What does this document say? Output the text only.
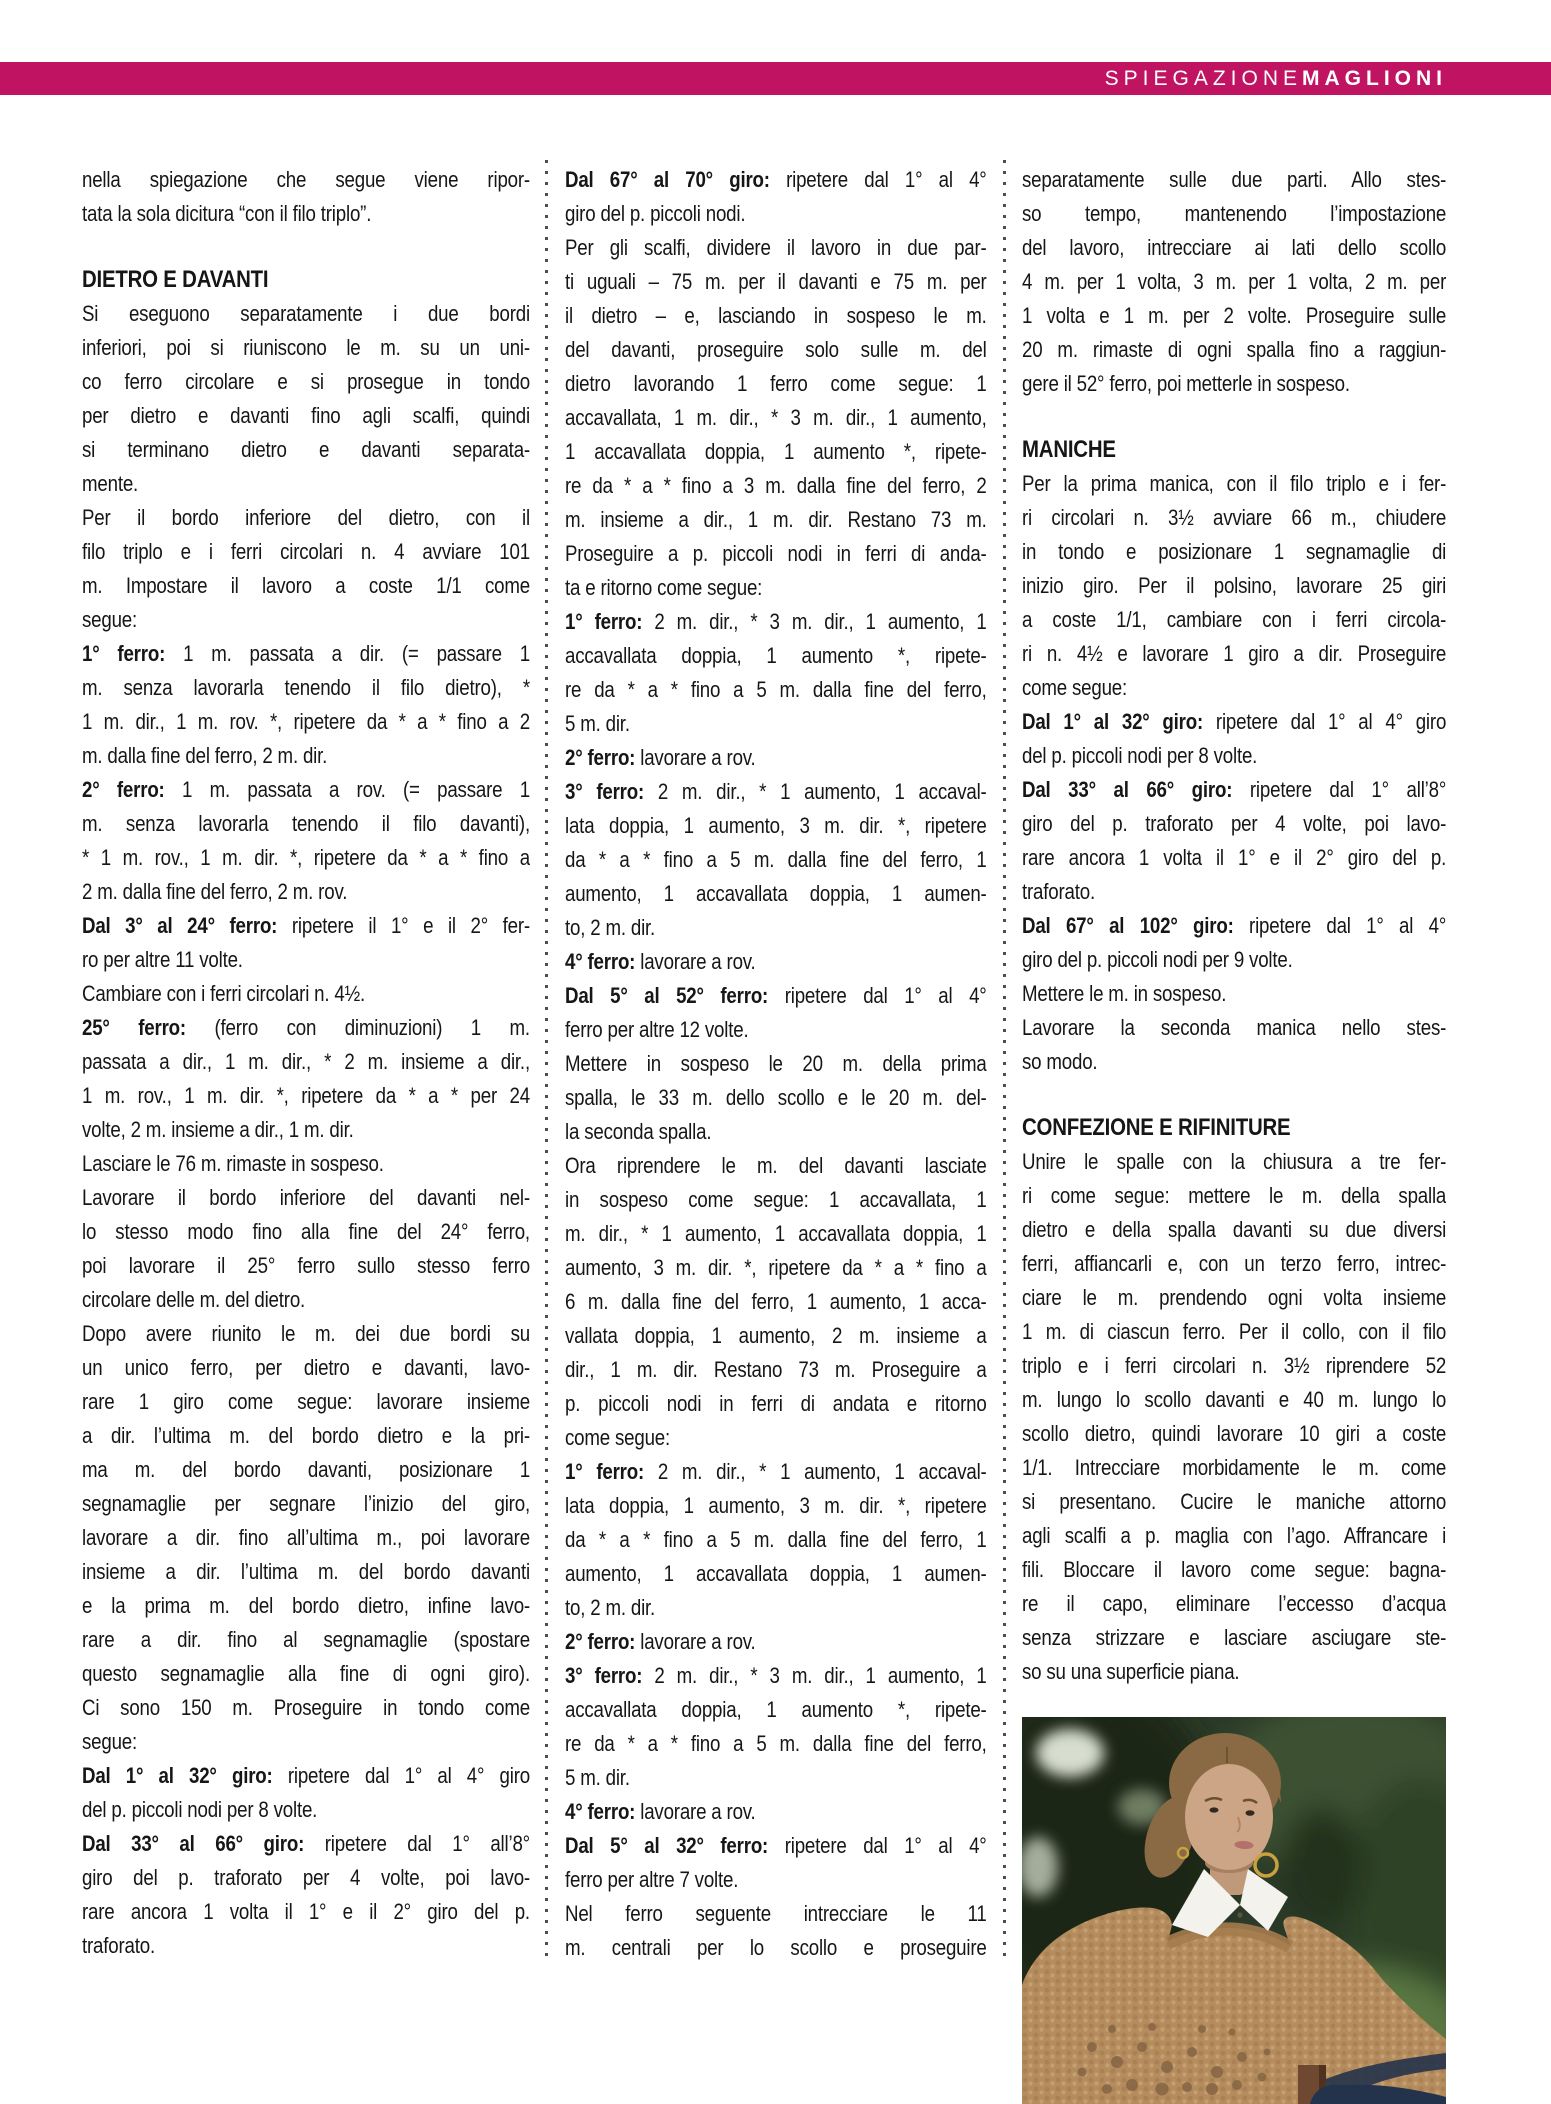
SPIEGAZIONEMAGLIONI
nella spiegazione che segue viene ripor-
tata la sola dicitura “con il filo triplo”.
DIETRO E DAVANTI
Si eseguono separatamente i due bordi
inferiori, poi si riuniscono le m. su un uni-
co ferro circolare e si prosegue in tondo
per dietro e davanti fino agli scalfi, quindi
si terminano dietro e davanti separata-
mente.
Per il bordo inferiore del dietro, con il
filo triplo e i ferri circolari n. 4 avviare 101
m. Impostare il lavoro a coste 1/1 come
segue:
1° ferro: 1 m. passata a dir. (= passare 1
m. senza lavorarla tenendo il filo dietro), *
1 m. dir., 1 m. rov. *, ripetere da * a * fino a 2
m. dalla fine del ferro, 2 m. dir.
2° ferro: 1 m. passata a rov. (= passare 1
m. senza lavorarla tenendo il filo davanti),
* 1 m. rov., 1 m. dir. *, ripetere da * a * fino a
2 m. dalla fine del ferro, 2 m. rov.
Dal 3° al 24° ferro: ripetere il 1° e il 2° fer-
ro per altre 11 volte.
Cambiare con i ferri circolari n. 4½.
25° ferro: (ferro con diminuzioni) 1 m.
passata a dir., 1 m. dir., * 2 m. insieme a dir.,
1 m. rov., 1 m. dir. *, ripetere da * a * per 24
volte, 2 m. insieme a dir., 1 m. dir.
Lasciare le 76 m. rimaste in sospeso.
Lavorare il bordo inferiore del davanti nel-
lo stesso modo fino alla fine del 24° ferro,
poi lavorare il 25° ferro sullo stesso ferro
circolare delle m. del dietro.
Dopo avere riunito le m. dei due bordi su
un unico ferro, per dietro e davanti, lavo-
rare 1 giro come segue: lavorare insieme
a dir. l’ultima m. del bordo dietro e la pri-
ma m. del bordo davanti, posizionare 1
segnamaglie per segnare l’inizio del giro,
lavorare a dir. fino all’ultima m., poi lavorare
insieme a dir. l’ultima m. del bordo davanti
e la prima m. del bordo dietro, infine lavo-
rare a dir. fino al segnamaglie (spostare
questo segnamaglie alla fine di ogni giro).
Ci sono 150 m. Proseguire in tondo come
segue:
Dal 1° al 32° giro: ripetere dal 1° al 4° giro
del p. piccoli nodi per 8 volte.
Dal 33° al 66° giro: ripetere dal 1° all’8°
giro del p. traforato per 4 volte, poi lavo-
rare ancora 1 volta il 1° e il 2° giro del p.
traforato.
Dal 67° al 70° giro: ripetere dal 1° al 4°
giro del p. piccoli nodi.
Per gli scalfi, dividere il lavoro in due par-
ti uguali – 75 m. per il davanti e 75 m. per
il dietro – e, lasciando in sospeso le m.
del davanti, proseguire solo sulle m. del
dietro lavorando 1 ferro come segue: 1
accavallata, 1 m. dir., * 3 m. dir., 1 aumento,
1 accavallata doppia, 1 aumento *, ripete-
re da * a * fino a 3 m. dalla fine del ferro, 2
m. insieme a dir., 1 m. dir. Restano 73 m.
Proseguire a p. piccoli nodi in ferri di anda-
ta e ritorno come segue:
1° ferro: 2 m. dir., * 3 m. dir., 1 aumento, 1
accavallata doppia, 1 aumento *, ripete-
re da * a * fino a 5 m. dalla fine del ferro,
5 m. dir.
2° ferro: lavorare a rov.
3° ferro: 2 m. dir., * 1 aumento, 1 accaval-
lata doppia, 1 aumento, 3 m. dir. *, ripetere
da * a * fino a 5 m. dalla fine del ferro, 1
aumento, 1 accavallata doppia, 1 aumen-
to, 2 m. dir.
4° ferro: lavorare a rov.
Dal 5° al 52° ferro: ripetere dal 1° al 4°
ferro per altre 12 volte.
Mettere in sospeso le 20 m. della prima
spalla, le 33 m. dello scollo e le 20 m. del-
la seconda spalla.
Ora riprendere le m. del davanti lasciate
in sospeso come segue: 1 accavallata, 1
m. dir., * 1 aumento, 1 accavallata doppia, 1
aumento, 3 m. dir. *, ripetere da * a * fino a
6 m. dalla fine del ferro, 1 aumento, 1 acca-
vallata doppia, 1 aumento, 2 m. insieme a
dir., 1 m. dir. Restano 73 m. Proseguire a
p. piccoli nodi in ferri di andata e ritorno
come segue:
1° ferro: 2 m. dir., * 1 aumento, 1 accaval-
lata doppia, 1 aumento, 3 m. dir. *, ripetere
da * a * fino a 5 m. dalla fine del ferro, 1
aumento, 1 accavallata doppia, 1 aumen-
to, 2 m. dir.
2° ferro: lavorare a rov.
3° ferro: 2 m. dir., * 3 m. dir., 1 aumento, 1
accavallata doppia, 1 aumento *, ripete-
re da * a * fino a 5 m. dalla fine del ferro,
5 m. dir.
4° ferro: lavorare a rov.
Dal 5° al 32° ferro: ripetere dal 1° al 4°
ferro per altre 7 volte.
Nel ferro seguente intrecciare le 11
m. centrali per lo scollo e proseguire
separatamente sulle due parti. Allo stes-
so tempo, mantenendo l’impostazione
del lavoro, intrecciare ai lati dello scollo
4 m. per 1 volta, 3 m. per 1 volta, 2 m. per
1 volta e 1 m. per 2 volte. Proseguire sulle
20 m. rimaste di ogni spalla fino a raggiun-
gere il 52° ferro, poi metterle in sospeso.
MANICHE
Per la prima manica, con il filo triplo e i fer-
ri circolari n. 3½ avviare 66 m., chiudere
in tondo e posizionare 1 segnamaglie di
inizio giro. Per il polsino, lavorare 25 giri
a coste 1/1, cambiare con i ferri circola-
ri n. 4½ e lavorare 1 giro a dir. Proseguire
come segue:
Dal 1° al 32° giro: ripetere dal 1° al 4° giro
del p. piccoli nodi per 8 volte.
Dal 33° al 66° giro: ripetere dal 1° all’8°
giro del p. traforato per 4 volte, poi lavo-
rare ancora 1 volta il 1° e il 2° giro del p.
traforato.
Dal 67° al 102° giro: ripetere dal 1° al 4°
giro del p. piccoli nodi per 9 volte.
Mettere le m. in sospeso.
Lavorare la seconda manica nello stes-
so modo.
CONFEZIONE E RIFINITURE
Unire le spalle con la chiusura a tre fer-
ri come segue: mettere le m. della spalla
dietro e della spalla davanti su due diversi
ferri, affiancarli e, con un terzo ferro, intrec-
ciare le m. prendendo ogni volta insieme
1 m. di ciascun ferro. Per il collo, con il filo
triplo e i ferri circolari n. 3½ riprendere 52
m. lungo lo scollo davanti e 40 m. lungo lo
scollo dietro, quindi lavorare 10 giri a coste
1/1. Intrecciare morbidamente le m. come
si presentano. Cucire le maniche attorno
agli scalfi a p. maglia con l’ago. Affrancare i
fili. Bloccare il lavoro come segue: bagna-
re il capo, eliminare l’eccesso d’acqua
senza strizzare e lasciare asciugare ste-
so su una superficie piana.
